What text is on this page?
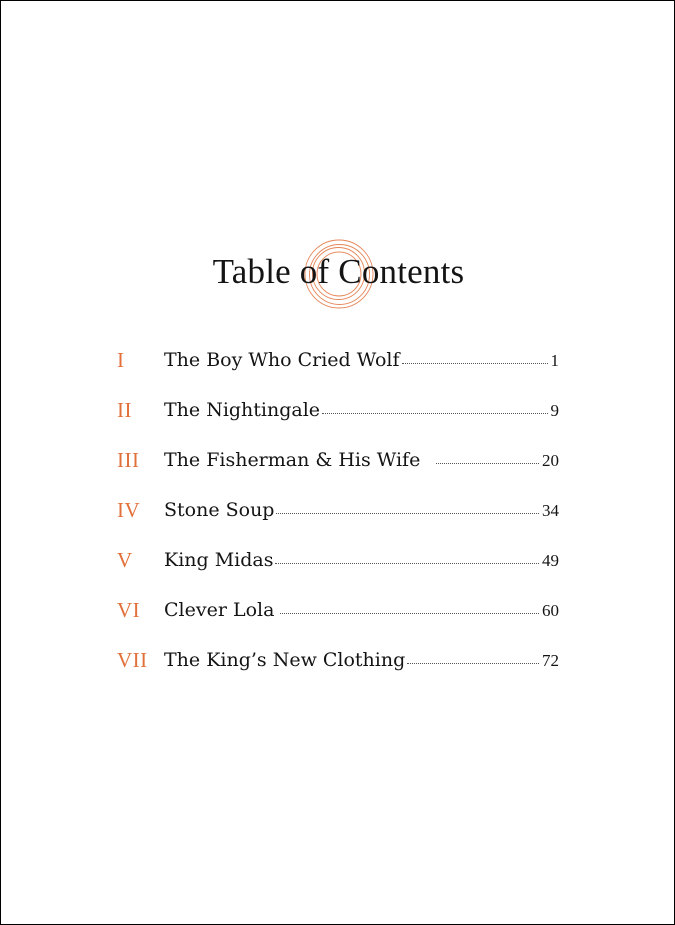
Table of Contents
I The Boy Who Cried Wolf	1
II The Nightingale	9
III The Fisherman & His Wife	20
IV Stone Soup	34
V King Midas	49
VI Clever Lola	60
VII The King’s New Clothing	72
